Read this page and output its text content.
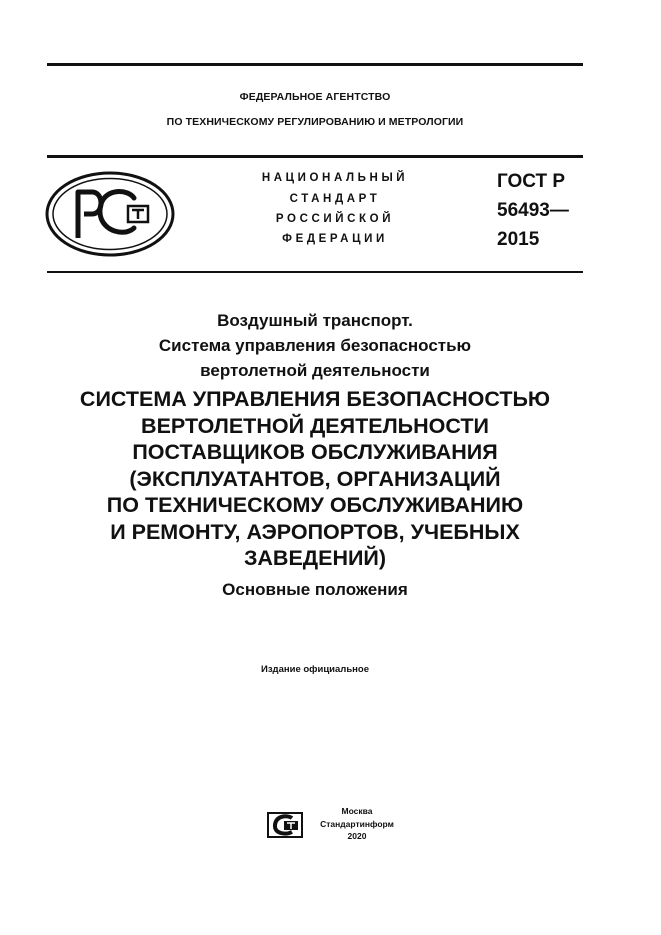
ФЕДЕРАЛЬНОЕ АГЕНТСТВО
ПО ТЕХНИЧЕСКОМУ РЕГУЛИРОВАНИЮ И МЕТРОЛОГИИ
НАЦИОНАЛЬНЫЙ
СТАНДАРТ
РОССИЙСКОЙ
ФЕДЕРАЦИИ
ГОСТ Р
56493—
2015
Воздушный транспорт.
Система управления безопасностью
вертолетной деятельности
СИСТЕМА УПРАВЛЕНИЯ БЕЗОПАСНОСТЬЮ
ВЕРТОЛЕТНОЙ ДЕЯТЕЛЬНОСТИ
ПОСТАВЩИКОВ ОБСЛУЖИВАНИЯ
(ЭКСПЛУАТАНТОВ, ОРГАНИЗАЦИЙ
ПО ТЕХНИЧЕСКОМУ ОБСЛУЖИВАНИЮ
И РЕМОНТУ, АЭРОПОРТОВ, УЧЕБНЫХ
ЗАВЕДЕНИЙ)
Основные положения
Издание официальное
Москва
Стандартинформ
2020
